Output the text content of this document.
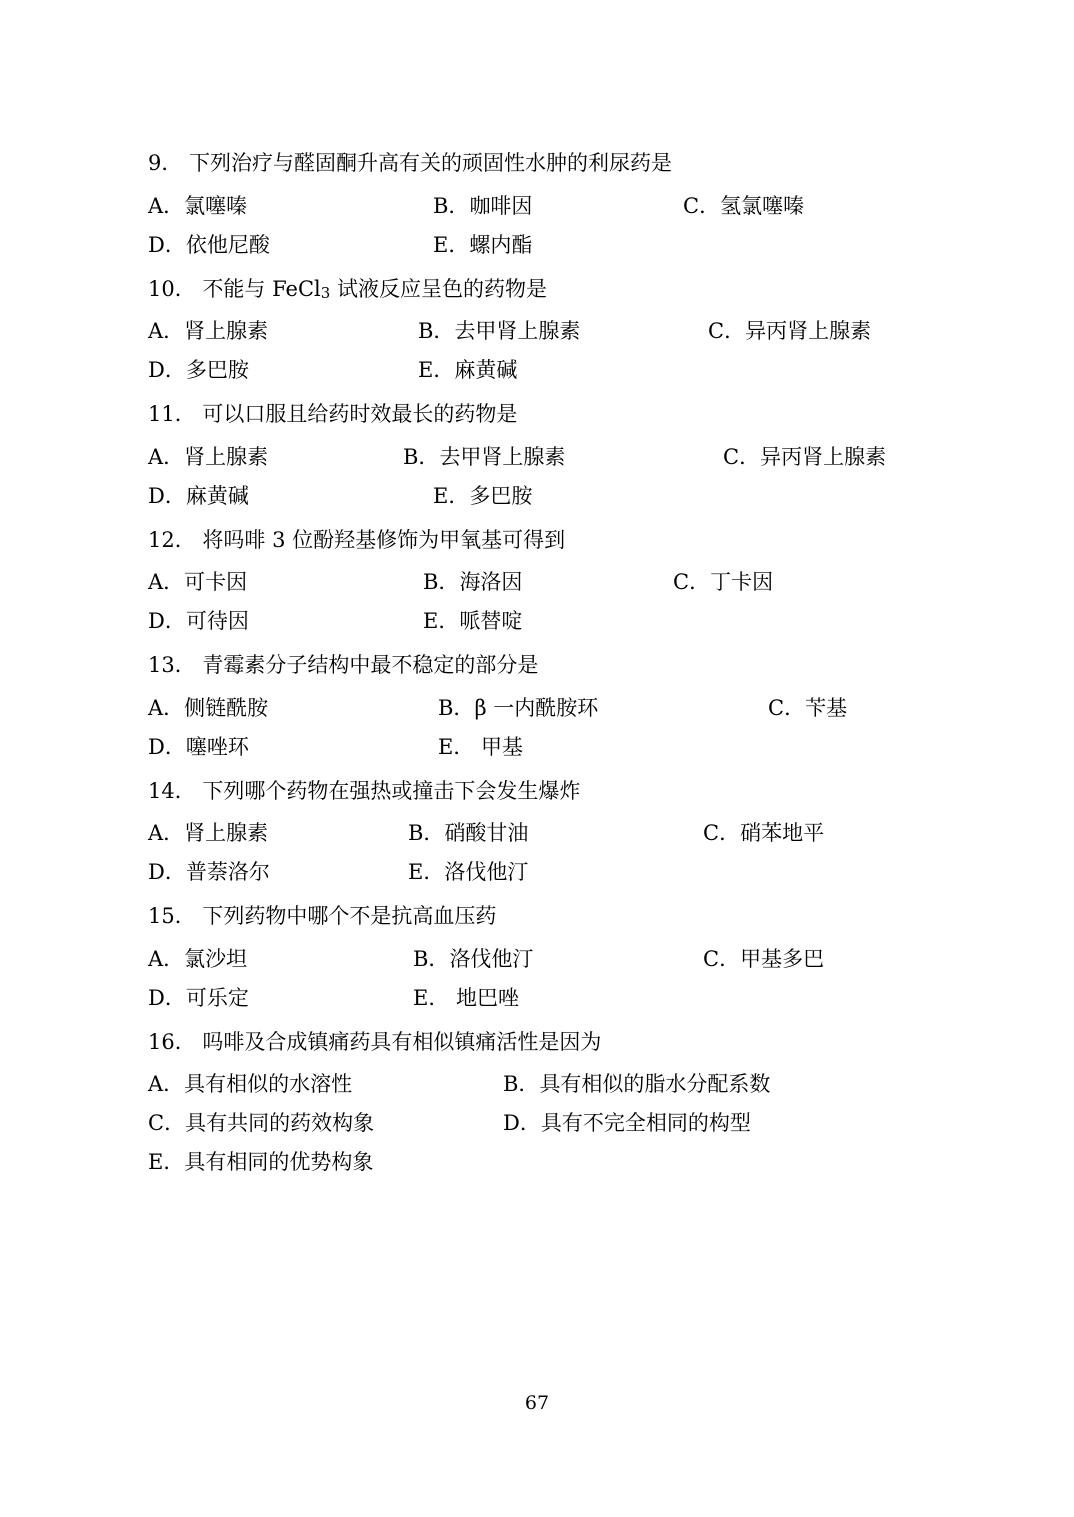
9． 下列治疗与醛固酮升高有关的顽固性水肿的利尿药是
A．氯噻嗪	B．咖啡因	C．氢氯噻嗪
D．依他尼酸	E．螺内酯
10． 不能与 FeCl3 试液反应呈色的药物是
A．肾上腺素	B．去甲肾上腺素	C．异丙肾上腺素
D．多巴胺	E．麻黄碱
11． 可以口服且给药时效最长的药物是
A．肾上腺素	B．去甲肾上腺素	C．异丙肾上腺素
D．麻黄碱	E．多巴胺
12． 将吗啡 3 位酚羟基修饰为甲氧基可得到
A．可卡因	B．海洛因	C．丁卡因
D．可待因	E．哌替啶
13． 青霉素分子结构中最不稳定的部分是
A．侧链酰胺	B．β 一内酰胺环	C．苄基
D．噻唑环	E． 甲基
14． 下列哪个药物在强热或撞击下会发生爆炸
A．肾上腺素	B．硝酸甘油	C．硝苯地平
D．普萘洛尔	E．洛伐他汀
15． 下列药物中哪个不是抗高血压药
A．氯沙坦	B．洛伐他汀	C．甲基多巴
D．可乐定	E． 地巴唑
16． 吗啡及合成镇痛药具有相似镇痛活性是因为
A．具有相似的水溶性	B．具有相似的脂水分配系数
C．具有共同的药效构象	D．具有不完全相同的构型
E．具有相同的优势构象
67
